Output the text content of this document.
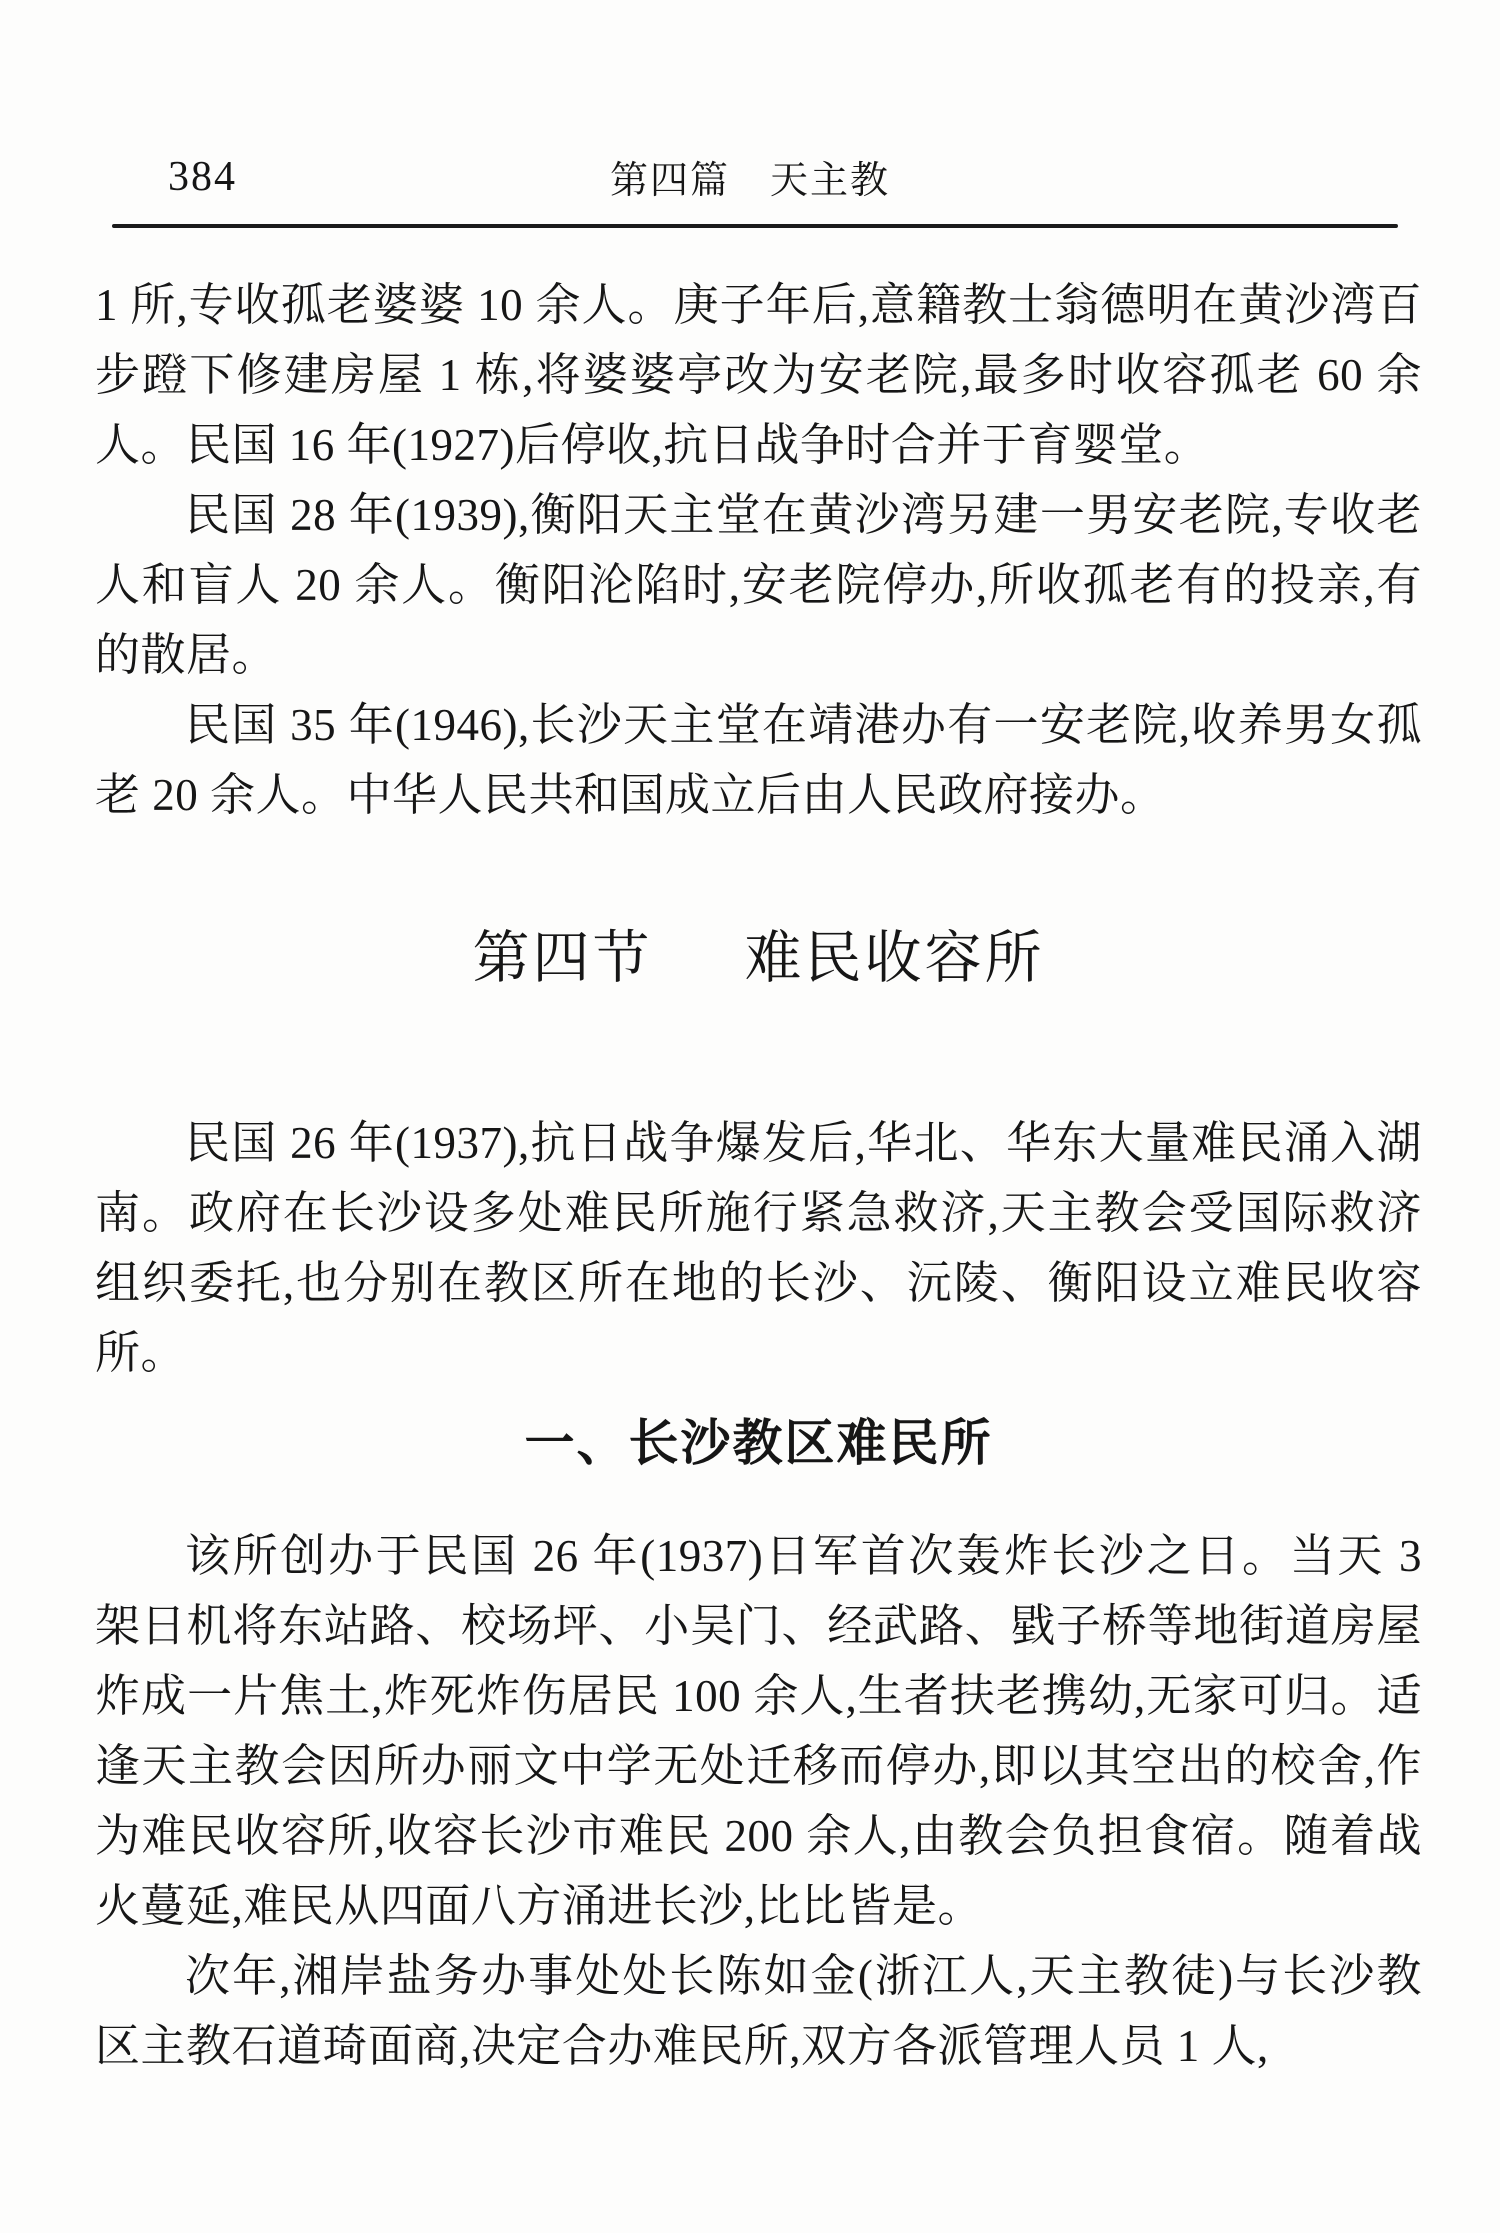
384	第四篇　天主教

1 所,专收孤老婆婆 10 余人。庚子年后,意籍教士翁德明在黄沙湾百步蹬下修建房屋 1 栋,将婆婆亭改为安老院,最多时收容孤老 60 余人。民国 16 年(1927)后停收,抗日战争时合并于育婴堂。

民国 28 年(1939),衡阳天主堂在黄沙湾另建一男安老院,专收老人和盲人 20 余人。衡阳沦陷时,安老院停办,所收孤老有的投亲,有的散居。

民国 35 年(1946),长沙天主堂在靖港办有一安老院,收养男女孤老 20 余人。中华人民共和国成立后由人民政府接办。

第四节 难民收容所

民国 26 年(1937),抗日战争爆发后,华北、华东大量难民涌入湖南。政府在长沙设多处难民所施行紧急救济,天主教会受国际救济组织委托,也分别在教区所在地的长沙、沅陵、衡阳设立难民收容所。

一、长沙教区难民所

该所创办于民国 26 年(1937)日军首次轰炸长沙之日。当天 3 架日机将东站路、校场坪、小吴门、经武路、戥子桥等地街道房屋炸成一片焦土,炸死炸伤居民 100 余人,生者扶老携幼,无家可归。适逢天主教会因所办丽文中学无处迁移而停办,即以其空出的校舍,作为难民收容所,收容长沙市难民 200 余人,由教会负担食宿。随着战火蔓延,难民从四面八方涌进长沙,比比皆是。

次年,湘岸盐务办事处处长陈如金(浙江人,天主教徒)与长沙教区主教石道琦面商,决定合办难民所,双方各派管理人员 1 人,
